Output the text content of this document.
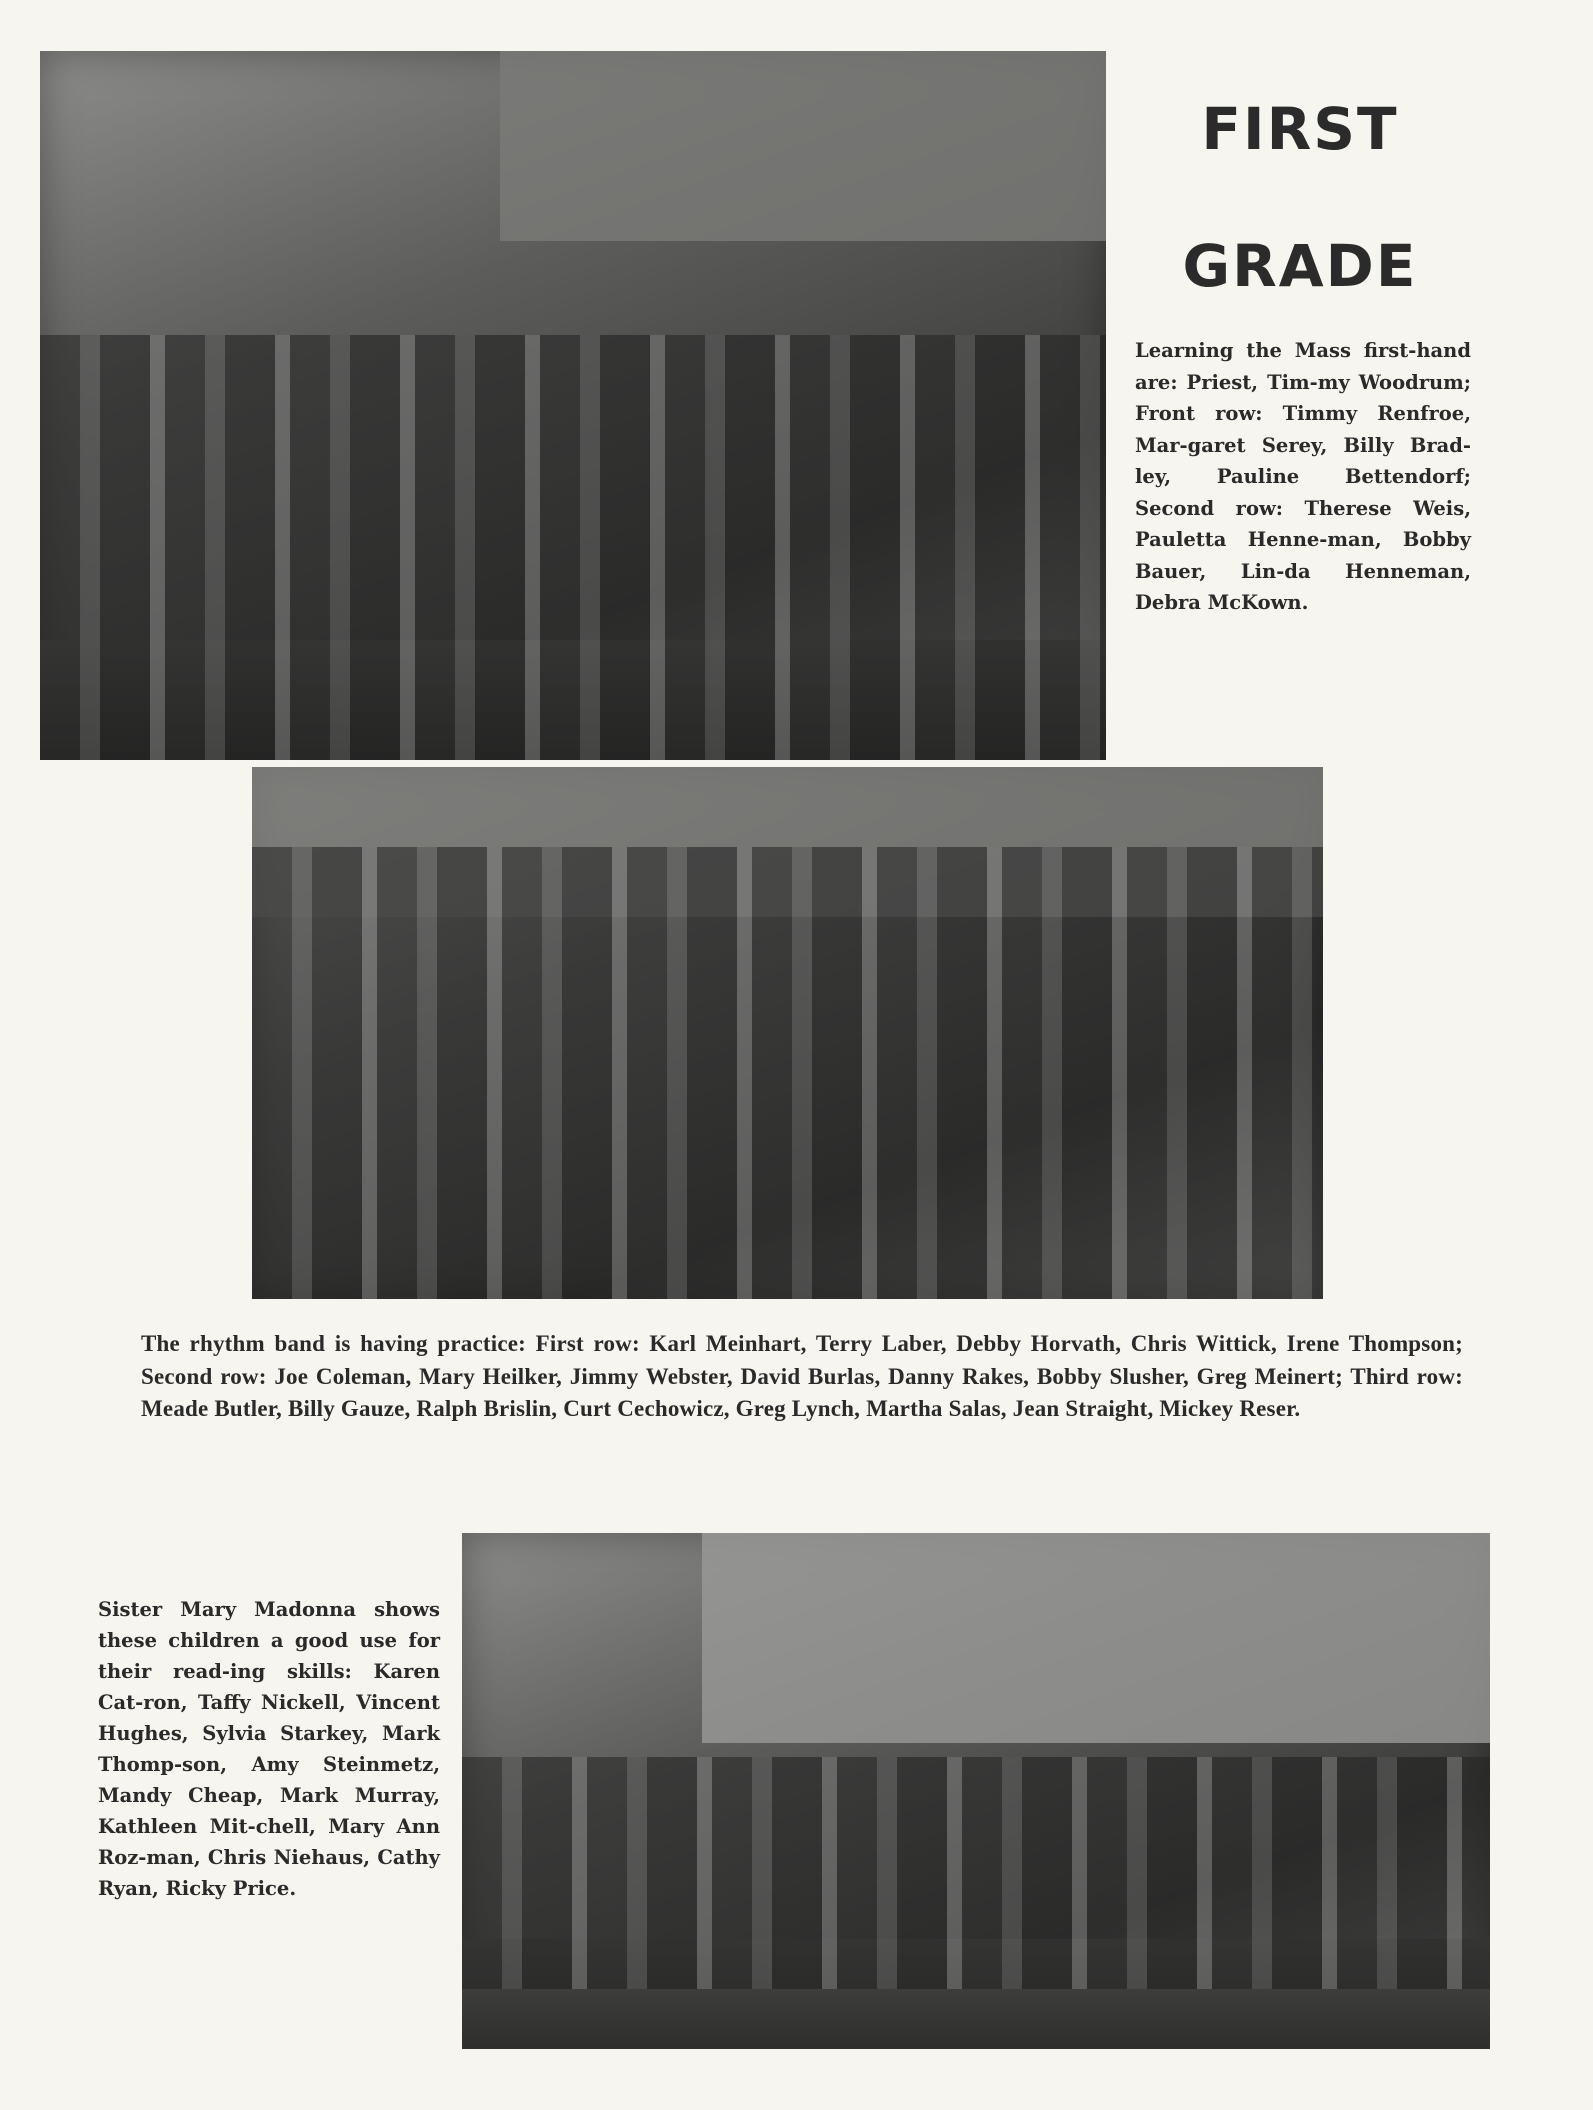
FIRST
GRADE
Learning the Mass first-hand are: Priest, Tim-my Woodrum; Front row: Timmy Renfroe, Mar-garet Serey, Billy Brad-ley, Pauline Bettendorf; Second row: Therese Weis, Pauletta Henne-man, Bobby Bauer, Lin-da Henneman, Debra McKown.
The rhythm band is having practice: First row: Karl Meinhart, Terry Laber, Debby Horvath, Chris Wittick, Irene Thompson; Second row: Joe Coleman, Mary Heilker, Jimmy Webster, David Burlas, Danny Rakes, Bobby Slusher, Greg Meinert; Third row: Meade Butler, Billy Gauze, Ralph Brislin, Curt Cechowicz, Greg Lynch, Martha Salas, Jean Straight, Mickey Reser.
Sister Mary Madonna shows these children a good use for their read-ing skills: Karen Cat-ron, Taffy Nickell, Vincent Hughes, Sylvia Starkey, Mark Thomp-son, Amy Steinmetz, Mandy Cheap, Mark Murray, Kathleen Mit-chell, Mary Ann Roz-man, Chris Niehaus, Cathy Ryan, Ricky Price.
